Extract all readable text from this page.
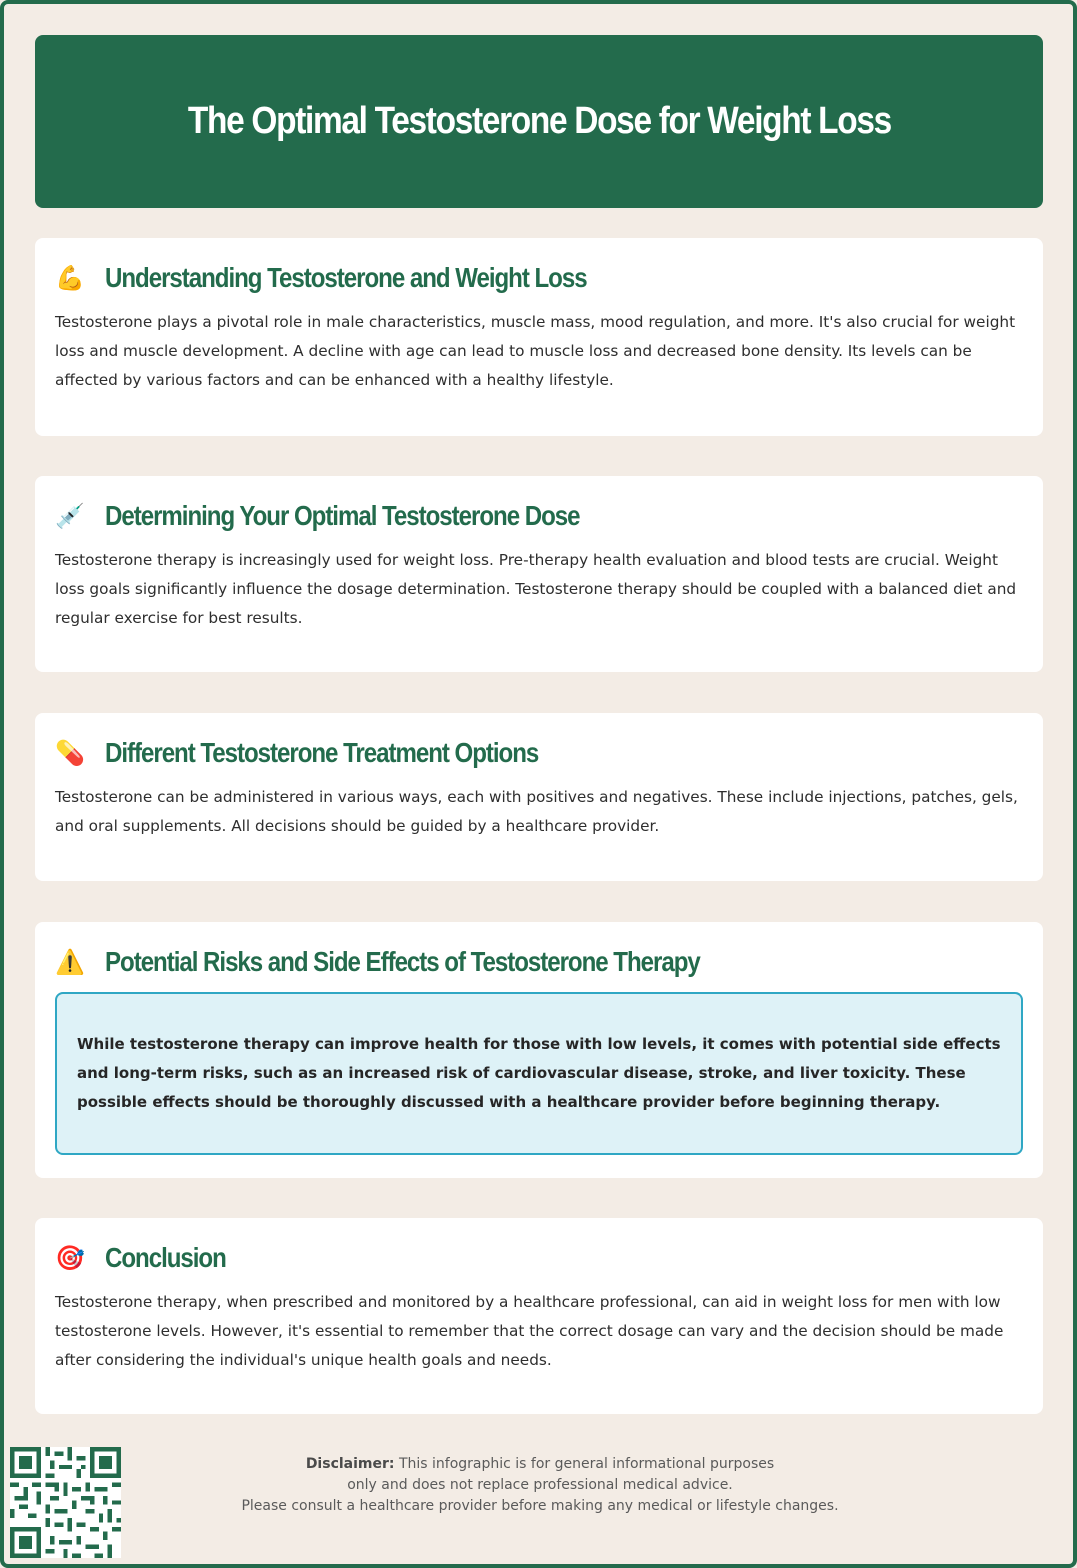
The Optimal Testosterone Dose for Weight Loss
💪 Understanding Testosterone and Weight Loss

Testosterone plays a pivotal role in male characteristics, muscle mass, mood regulation, and more. It's also crucial for weight loss and muscle development. A decline with age can lead to muscle loss and decreased bone density. Its levels can be affected by various factors and can be enhanced with a healthy lifestyle.

💉 Determining Your Optimal Testosterone Dose

Testosterone therapy is increasingly used for weight loss. Pre-therapy health evaluation and blood tests are crucial. Weight loss goals significantly influence the dosage determination. Testosterone therapy should be coupled with a balanced diet and regular exercise for best results.

💊 Different Testosterone Treatment Options

Testosterone can be administered in various ways, each with positives and negatives. These include injections, patches, gels, and oral supplements. All decisions should be guided by a healthcare provider.

⚠️ Potential Risks and Side Effects of Testosterone Therapy

While testosterone therapy can improve health for those with low levels, it comes with potential side effects and long-term risks, such as an increased risk of cardiovascular disease, stroke, and liver toxicity. These possible effects should be thoroughly discussed with a healthcare provider before beginning therapy.

🎯 Conclusion

Testosterone therapy, when prescribed and monitored by a healthcare professional, can aid in weight loss for men with low testosterone levels. However, it's essential to remember that the correct dosage can vary and the decision should be made after considering the individual's unique health goals and needs.

Disclaimer: This infographic is for general informational purposes
only and does not replace professional medical advice.
Please consult a healthcare provider before making any medical or lifestyle changes.
